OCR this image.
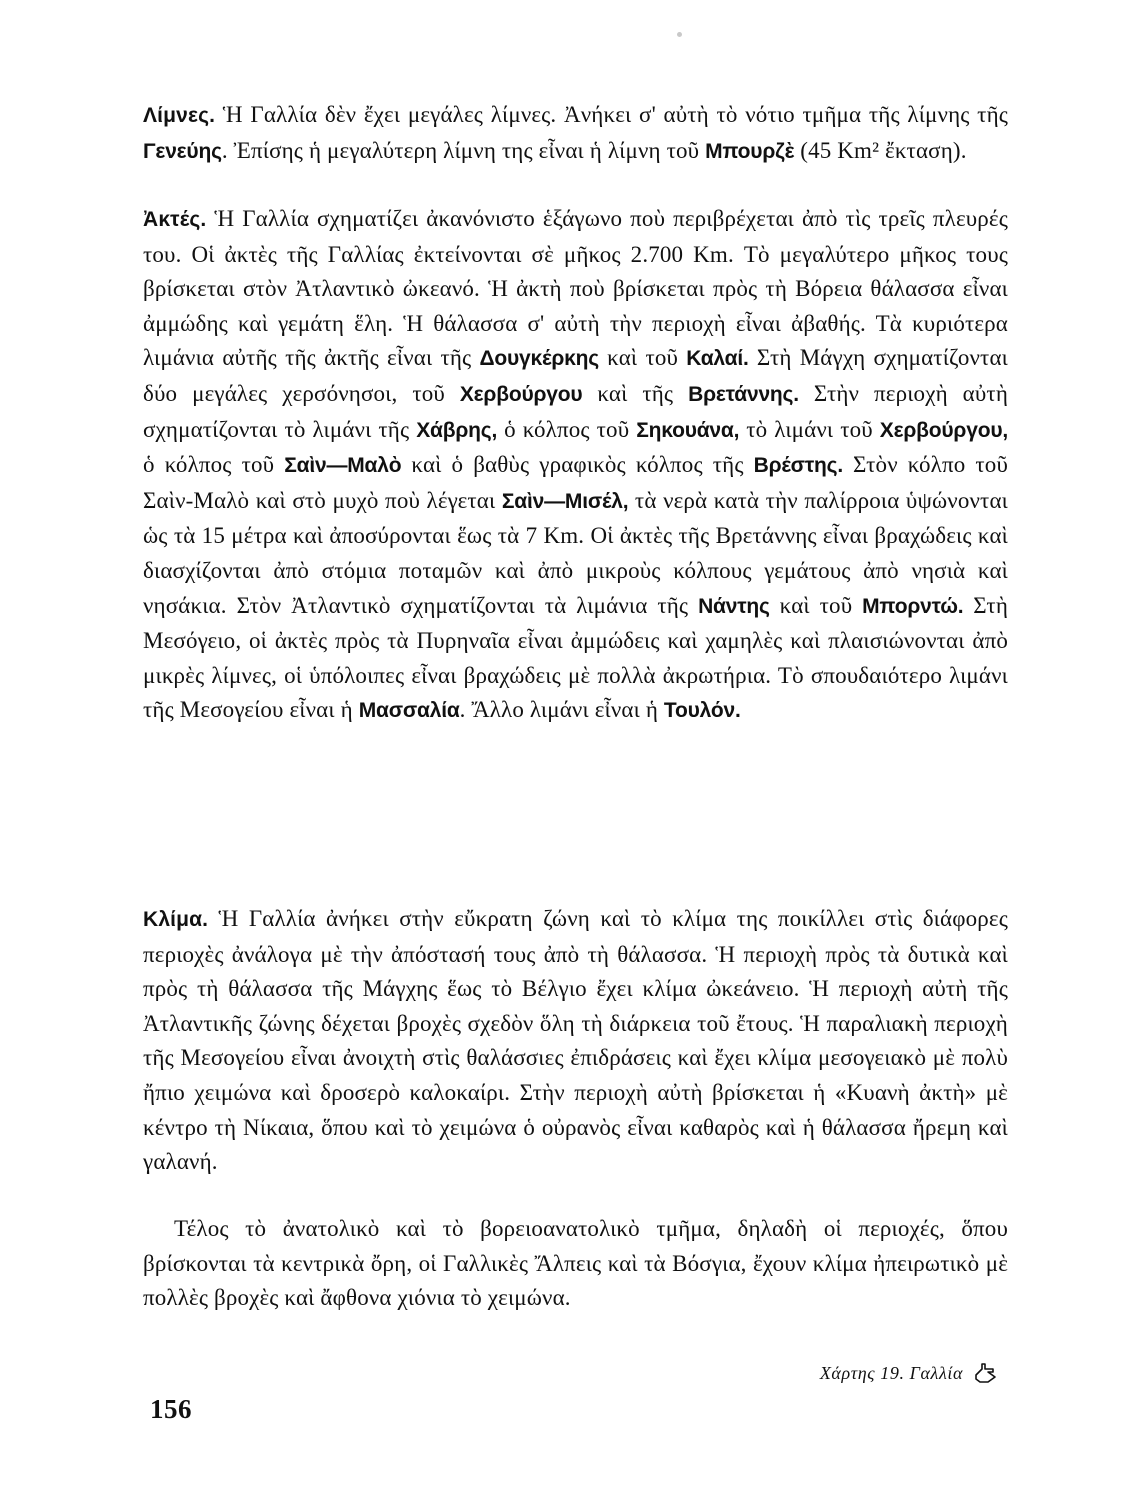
Λίμνες. Ἡ Γαλλία δὲν ἔχει μεγάλες λίμνες. Ἀνήκει σ' αὐτὴ τὸ νότιο τμῆμα τῆς λίμνης τῆς Γενεύης. Ἐπίσης ἡ μεγαλύτερη λίμνη της εἶναι ἡ λίμνη τοῦ Μπουρζὲ (45 Km² ἔκταση).

Ἀκτές. Ἡ Γαλλία σχηματίζει ἀκανόνιστο ἑξάγωνο ποὺ περιβρέχεται ἀπὸ τὶς τρεῖς πλευρές του. Οἱ ἀκτὲς τῆς Γαλλίας ἐκτείνονται σὲ μῆκος 2.700 Km. Τὸ μεγαλύτερο μῆκος τους βρίσκεται στὸν Ἀτλαντικὸ ὠκεανό. Ἡ ἀκτὴ ποὺ βρίσκεται πρὸς τὴ Βόρεια θάλασσα εἶναι ἀμμώδης καὶ γεμάτη ἕλη. Ἡ θάλασσα σ' αὐτὴ τὴν περιοχὴ εἶναι ἀβαθής. Τὰ κυριότερα λιμάνια αὐτῆς τῆς ἀκτῆς εἶναι τῆς Δουγκέρκης καὶ τοῦ Καλαί. Στὴ Μάγχη σχηματίζονται δύο μεγάλες χερσόνησοι, τοῦ Χερβούργου καὶ τῆς Βρετάννης. Στὴν περιοχὴ αὐτὴ σχηματίζονται τὸ λιμάνι τῆς Χάβρης, ὁ κόλπος τοῦ Σηκουάνα, τὸ λιμάνι τοῦ Χερβούργου, ὁ κόλπος τοῦ Σαὶν—Μαλὸ καὶ ὁ βαθὺς γραφικὸς κόλπος τῆς Βρέστης. Στὸν κόλπο τοῦ Σαὶν-Μαλὸ καὶ στὸ μυχὸ ποὺ λέγεται Σαὶν—Μισέλ, τὰ νερὰ κατὰ τὴν παλίρροια ὑψώνονται ὡς τὰ 15 μέτρα καὶ ἀποσύρονται ἕως τὰ 7 Km. Οἱ ἀκτὲς τῆς Βρετάννης εἶναι βραχώδεις καὶ διασχίζονται ἀπὸ στόμια ποταμῶν καὶ ἀπὸ μικροὺς κόλπους γεμάτους ἀπὸ νησιὰ καὶ νησάκια. Στὸν Ἀτλαντικὸ σχηματίζονται τὰ λιμάνια τῆς Νάντης καὶ τοῦ Μπορντώ. Στὴ Μεσόγειο, οἱ ἀκτὲς πρὸς τὰ Πυρηναῖα εἶναι ἀμμώδεις καὶ χαμηλὲς καὶ πλαισιώνονται ἀπὸ μικρὲς λίμνες, οἱ ὑπόλοιπες εἶναι βραχώδεις μὲ πολλὰ ἀκρωτήρια. Τὸ σπουδαιότερο λιμάνι τῆς Μεσογείου εἶναι ἡ Μασσαλία. Ἄλλο λιμάνι εἶναι ἡ Τουλόν.

Κλίμα. Ἡ Γαλλία ἀνήκει στὴν εὔκρατη ζώνη καὶ τὸ κλίμα της ποικίλλει στὶς διάφορες περιοχὲς ἀνάλογα μὲ τὴν ἀπόστασή τους ἀπὸ τὴ θάλασσα. Ἡ περιοχὴ πρὸς τὰ δυτικὰ καὶ πρὸς τὴ θάλασσα τῆς Μάγχης ἕως τὸ Βέλγιο ἔχει κλίμα ὠκεάνειο. Ἡ περιοχὴ αὐτὴ τῆς Ἀτλαντικῆς ζώνης δέχεται βροχὲς σχεδὸν ὅλη τὴ διάρκεια τοῦ ἔτους. Ἡ παραλιακὴ περιοχὴ τῆς Μεσογείου εἶναι ἀνοιχτὴ στὶς θαλάσσιες ἐπιδράσεις καὶ ἔχει κλίμα μεσογειακὸ μὲ πολὺ ἤπιο χειμώνα καὶ δροσερὸ καλοκαίρι. Στὴν περιοχὴ αὐτὴ βρίσκεται ἡ «Κυανὴ ἀκτὴ» μὲ κέντρο τὴ Νίκαια, ὅπου καὶ τὸ χειμώνα ὁ οὐρανὸς εἶναι καθαρὸς καὶ ἡ θάλασσα ἤρεμη καὶ γαλανή.

Τέλος τὸ ἀνατολικὸ καὶ τὸ βορειοανατολικὸ τμῆμα, δηλαδὴ οἱ περιοχές, ὅπου βρίσκονται τὰ κεντρικὰ ὄρη, οἱ Γαλλικὲς Ἄλπεις καὶ τὰ Βόσγια, ἔχουν κλίμα ἠπειρωτικὸ μὲ πολλὲς βροχὲς καὶ ἄφθονα χιόνια τὸ χειμώνα.

Χάρτης 19. Γαλλία
156
